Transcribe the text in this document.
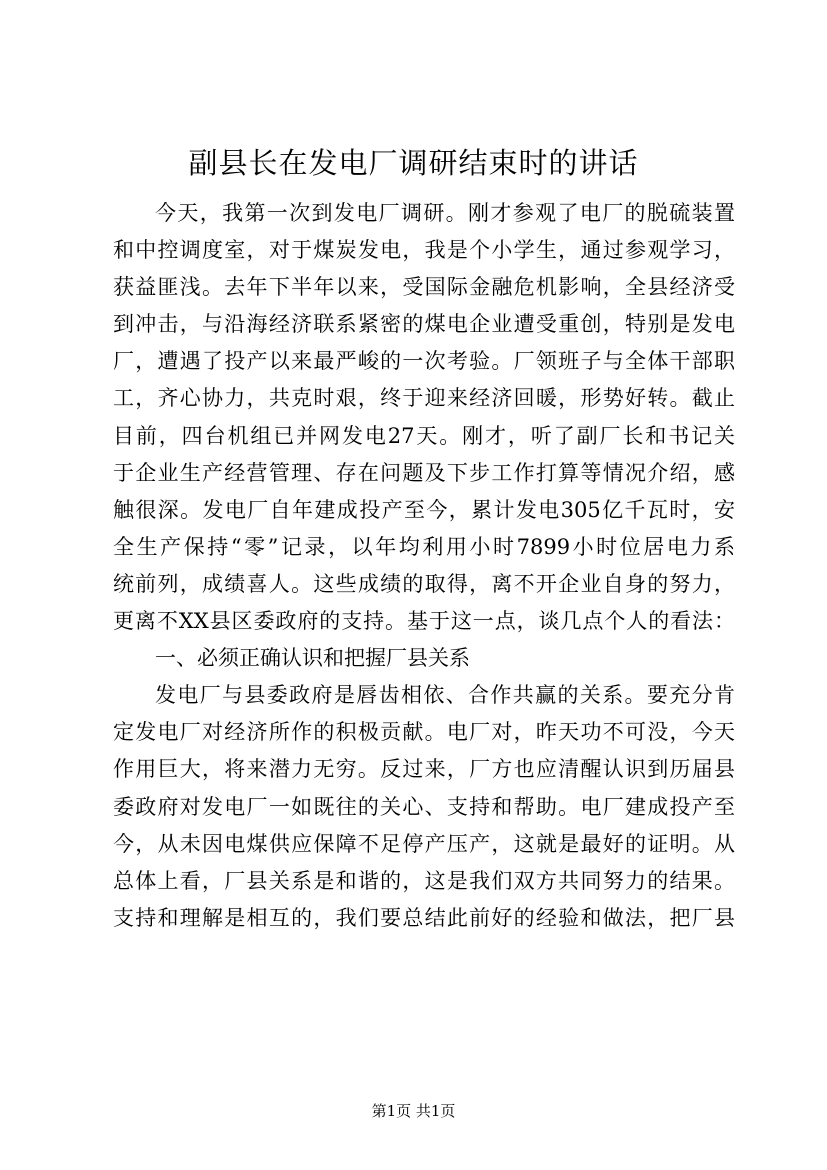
副县长在发电厂调研结束时的讲话
今天，我第一次到发电厂调研。刚才参观了电厂的脱硫装置
和中控调度室，对于煤炭发电，我是个小学生，通过参观学习，
获益匪浅。去年下半年以来，受国际金融危机影响，全县经济受
到冲击，与沿海经济联系紧密的煤电企业遭受重创，特别是发电
厂，遭遇了投产以来最严峻的一次考验。厂领班子与全体干部职
工，齐心协力，共克时艰，终于迎来经济回暖，形势好转。截止
目前，四台机组已并网发电27天。刚才，听了副厂长和书记关
于企业生产经营管理、存在问题及下步工作打算等情况介绍，感
触很深。发电厂自年建成投产至今，累计发电305亿千瓦时，安
全生产保持“零”记录，以年均利用小时7899小时位居电力系
统前列，成绩喜人。这些成绩的取得，离不开企业自身的努力，
更离不XX县区委政府的支持。基于这一点，谈几点个人的看法：
一、必须正确认识和把握厂县关系
发电厂与县委政府是唇齿相依、合作共赢的关系。要充分肯
定发电厂对经济所作的积极贡献。电厂对，昨天功不可没，今天
作用巨大，将来潜力无穷。反过来，厂方也应清醒认识到历届县
委政府对发电厂一如既往的关心、支持和帮助。电厂建成投产至
今，从未因电煤供应保障不足停产压产，这就是最好的证明。从
总体上看，厂县关系是和谐的，这是我们双方共同努力的结果。
支持和理解是相互的，我们要总结此前好的经验和做法，把厂县
第1页 共1页
